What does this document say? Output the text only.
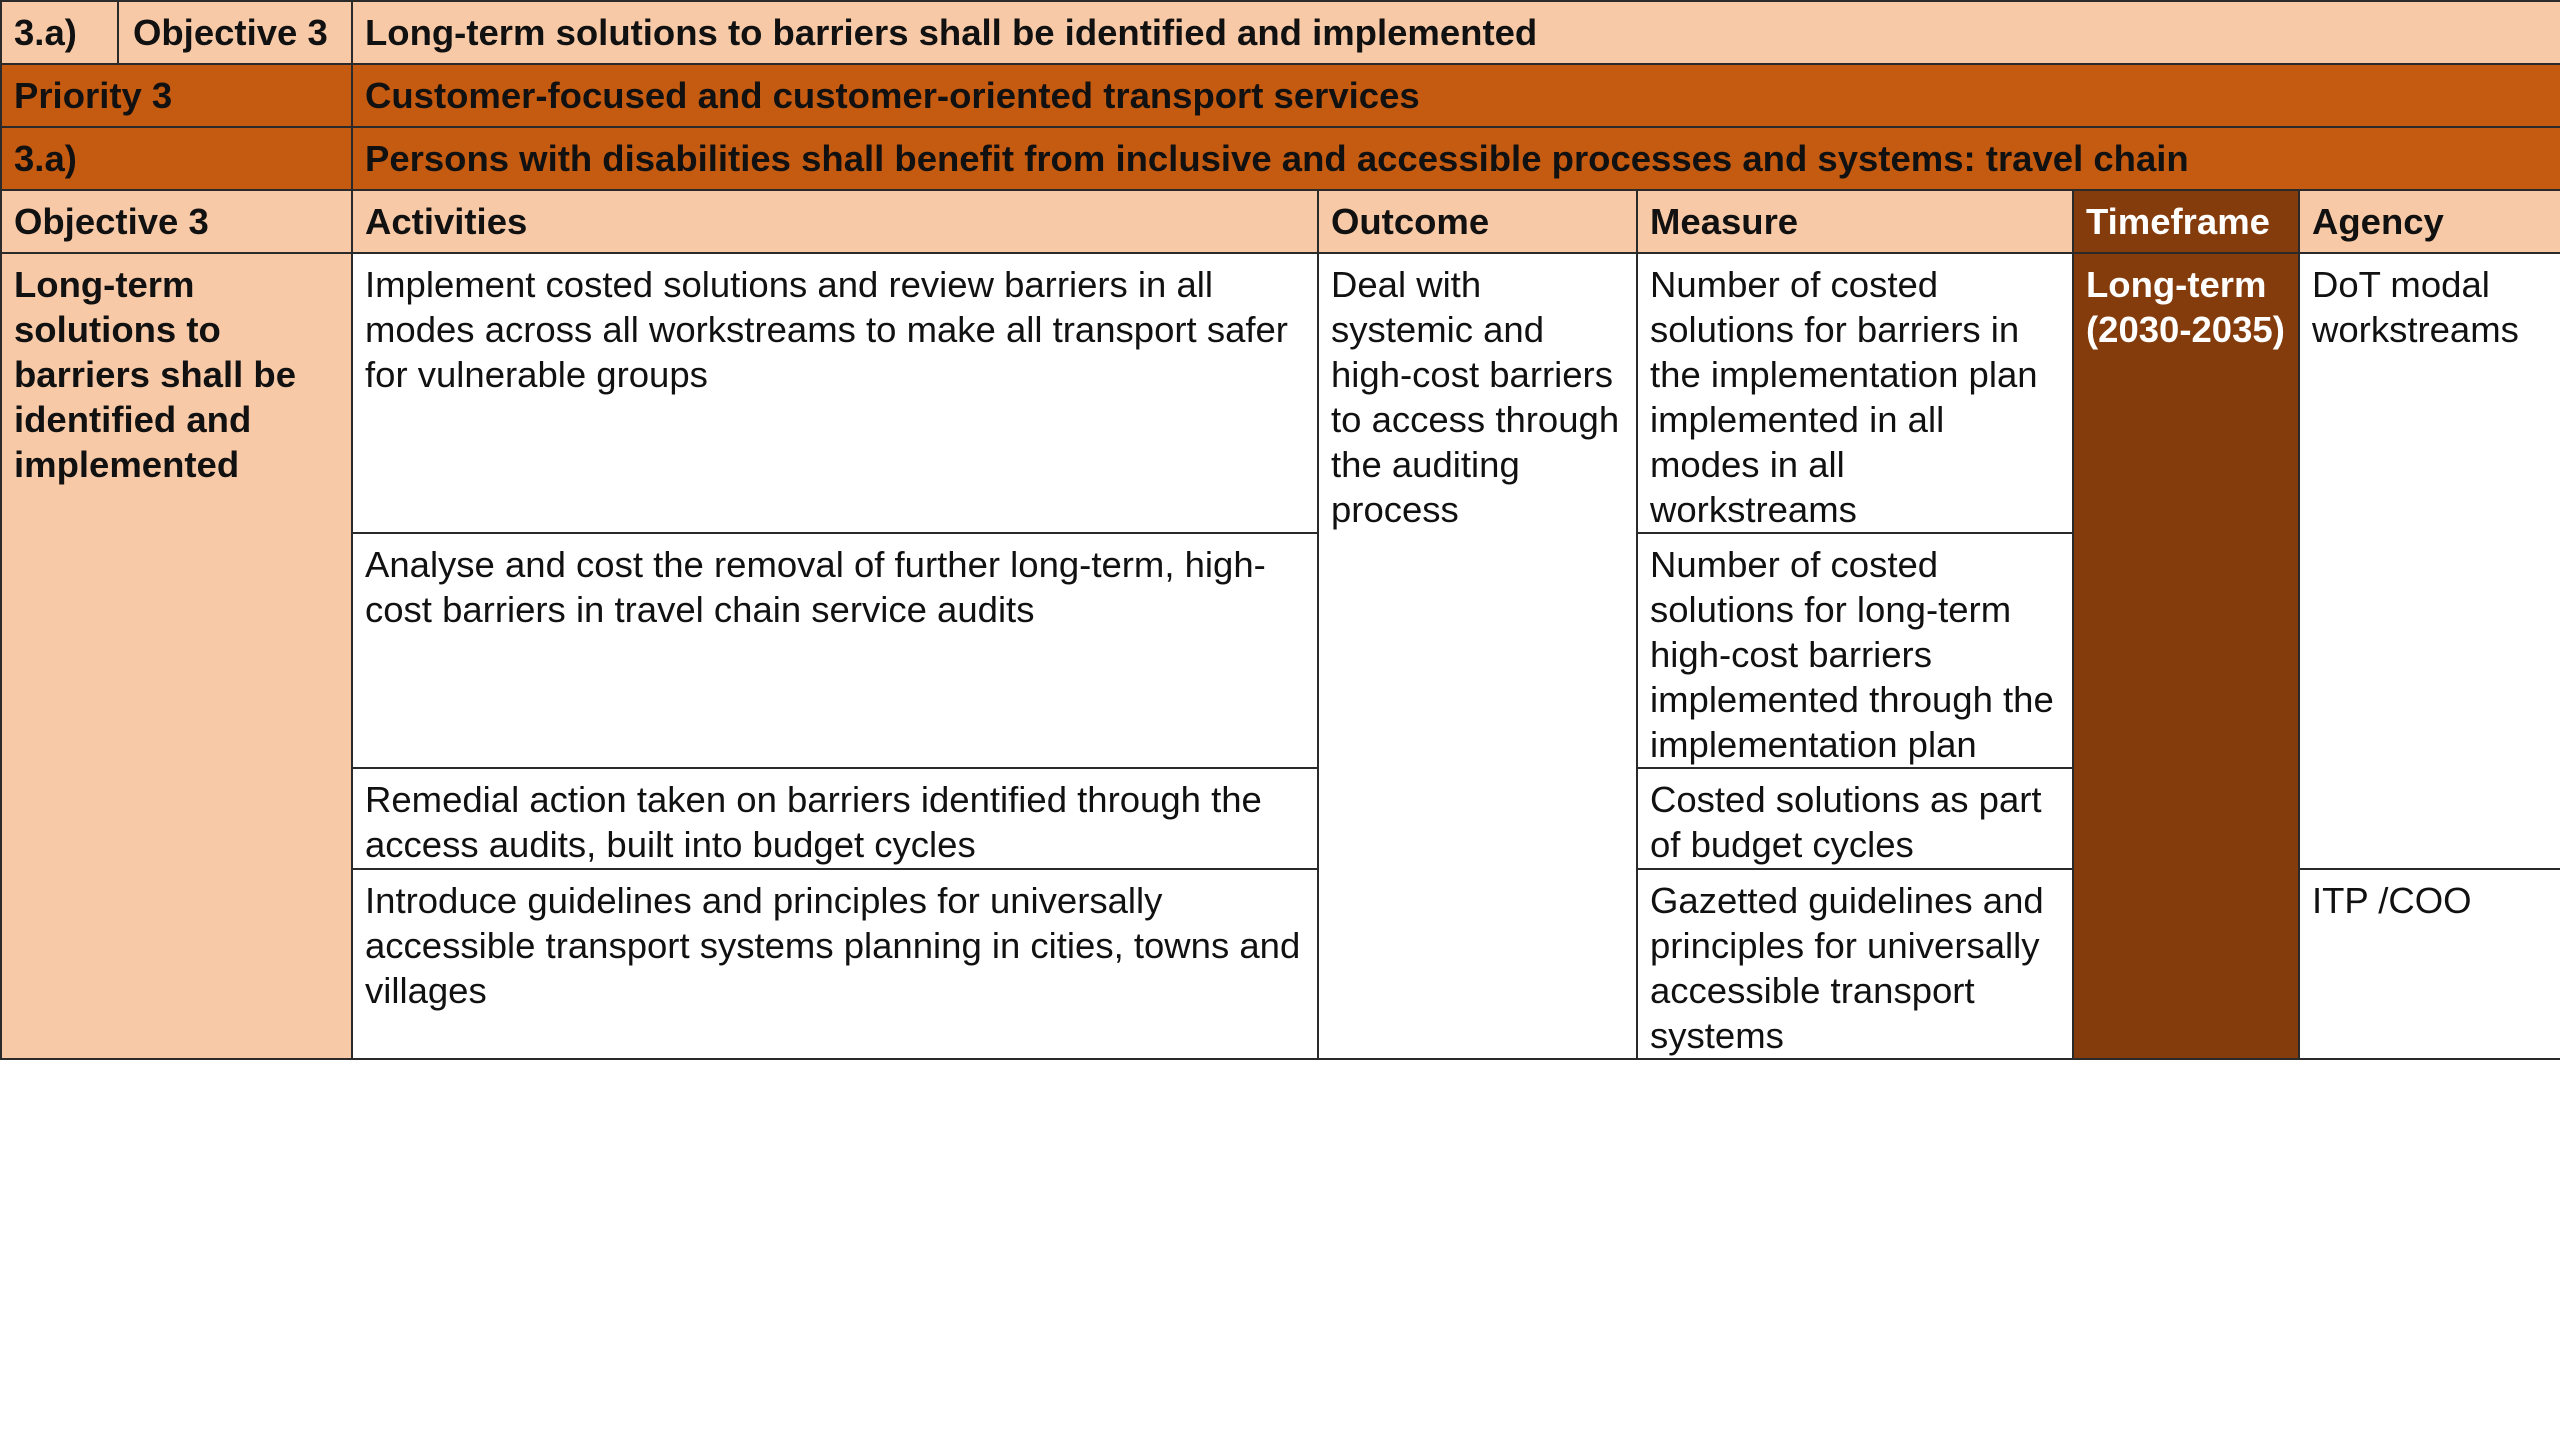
3.a)	Objective 3	Long-term solutions to barriers shall be identified and implemented				
Priority 3		Customer-focused and customer-oriented transport services				
3.a)		Persons with disabilities shall benefit from inclusive and accessible processes and systems: travel chain				
Objective 3		Activities	Outcome	Measure	Timeframe	Agency
Long-term solutions to barriers shall be identified and implemented		Implement costed solutions and review barriers in all modes across all workstreams to make all transport safer for vulnerable groups	Deal with systemic and high-cost barriers to access through the auditing process	Number of costed solutions for barriers in the implementation plan implemented in all modes in all workstreams	Long-term (2030-2035)	DoT modal workstreams
		Analyse and cost the removal of further long-term, high-cost barriers in travel chain service audits		Number of costed solutions for long-term high-cost barriers implemented through the implementation plan		
		Remedial action taken on barriers identified through the access audits, built into budget cycles		Costed solutions as part of budget cycles		
		Introduce guidelines and principles for universally accessible transport systems planning in cities, towns and villages		Gazetted guidelines and principles for universally accessible transport systems		ITP /COO
